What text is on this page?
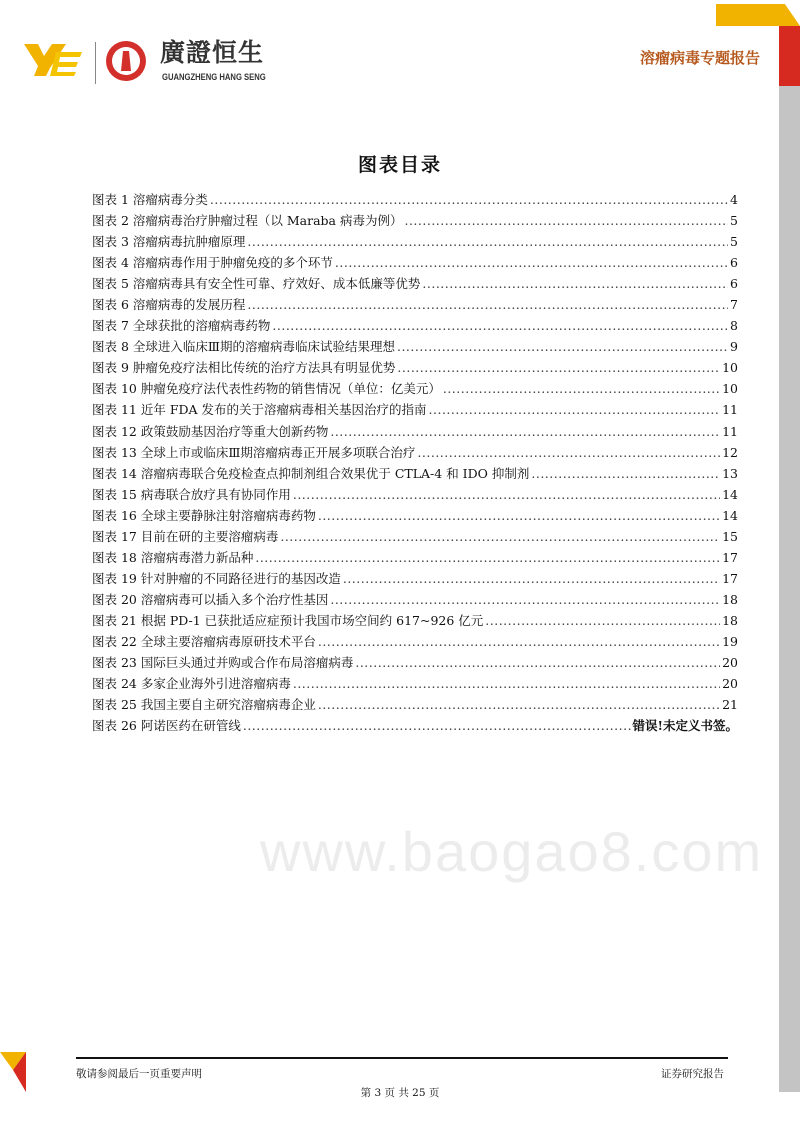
廣證恒生
GUANGZHENG HANG SENG
溶瘤病毒专题报告
图表目录
图表 1 溶瘤病毒分类 .....	4
图表 2 溶瘤病毒治疗肿瘤过程（以 Maraba 病毒为例） .....	5
图表 3 溶瘤病毒抗肿瘤原理 .....	5
图表 4 溶瘤病毒作用于肿瘤免疫的多个环节 .....	6
图表 5 溶瘤病毒具有安全性可靠、疗效好、成本低廉等优势 .....	6
图表 6 溶瘤病毒的发展历程 .....	7
图表 7 全球获批的溶瘤病毒药物 .....	8
图表 8 全球进入临床Ⅲ期的溶瘤病毒临床试验结果理想 .....	9
图表 9 肿瘤免疫疗法相比传统的治疗方法具有明显优势 .....	10
图表 10 肿瘤免疫疗法代表性药物的销售情况（单位：亿美元） .....	10
图表 11 近年 FDA 发布的关于溶瘤病毒相关基因治疗的指南 .....	11
图表 12 政策鼓励基因治疗等重大创新药物 .....	11
图表 13 全球上市或临床Ⅲ期溶瘤病毒正开展多项联合治疗 .....	12
图表 14 溶瘤病毒联合免疫检查点抑制剂组合效果优于 CTLA-4 和 IDO 抑制剂 .....	13
图表 15 病毒联合放疗具有协同作用 .....	14
图表 16 全球主要静脉注射溶瘤病毒药物 .....	14
图表 17 目前在研的主要溶瘤病毒 .....	15
图表 18 溶瘤病毒潜力新品种 .....	17
图表 19 针对肿瘤的不同路径进行的基因改造 .....	17
图表 20 溶瘤病毒可以插入多个治疗性基因 .....	18
图表 21 根据 PD-1 已获批适应症预计我国市场空间约 617~926 亿元 .....	18
图表 22 全球主要溶瘤病毒原研技术平台 .....	19
图表 23 国际巨头通过并购或合作布局溶瘤病毒 .....	20
图表 24 多家企业海外引进溶瘤病毒 .....	20
图表 25 我国主要自主研究溶瘤病毒企业 .....	21
图表 26 阿诺医药在研管线 .....	错误!未定义书签。
www.baogao8.com
敬请参阅最后一页重要声明	证券研究报告
第 3 页 共 25 页
